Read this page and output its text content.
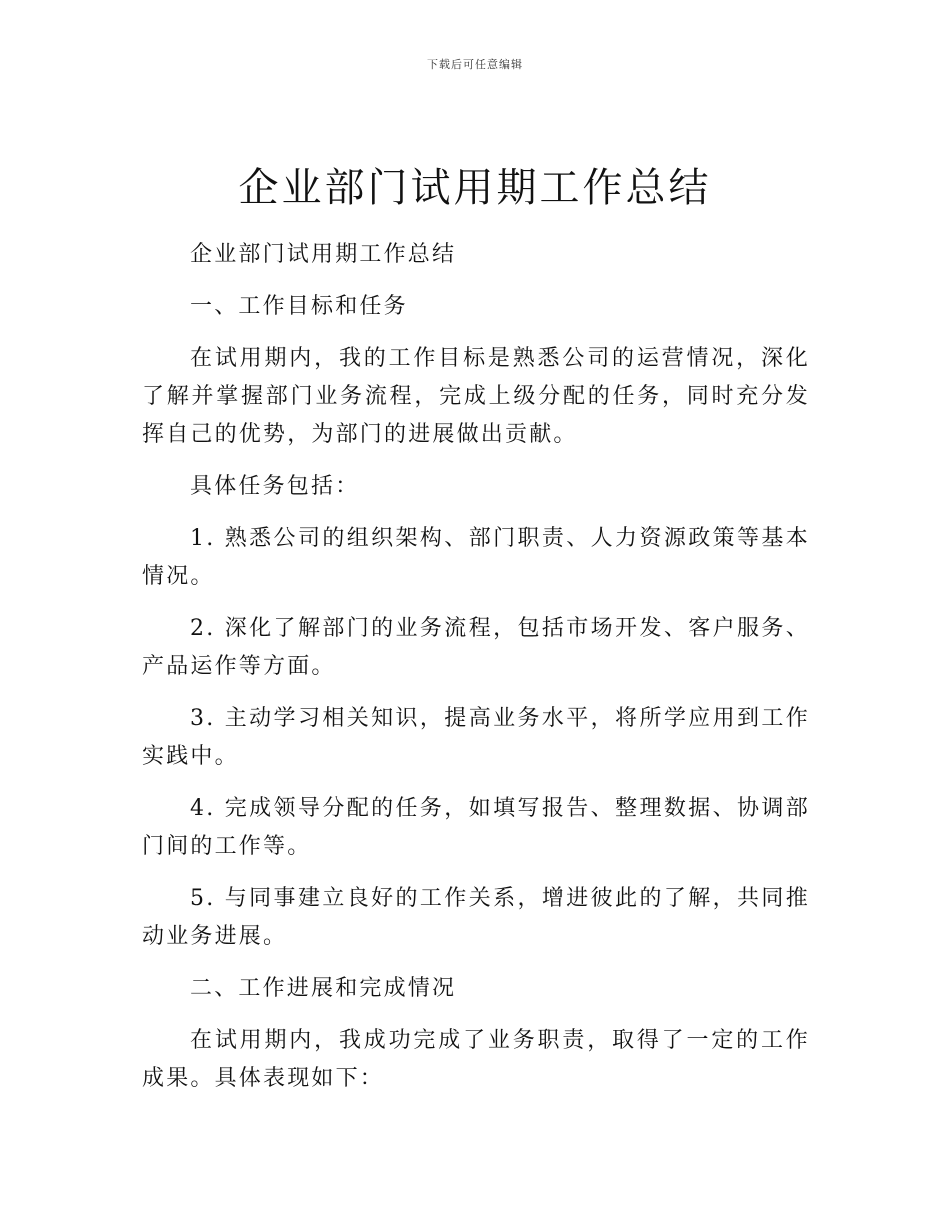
下载后可任意编辑
企业部门试用期工作总结

企业部门试用期工作总结

一、工作目标和任务

在试用期内，我的工作目标是熟悉公司的运营情况，深化了解并掌握部门业务流程，完成上级分配的任务，同时充分发挥自己的优势，为部门的进展做出贡献。

具体任务包括：

1. 熟悉公司的组织架构、部门职责、人力资源政策等基本情况。

2. 深化了解部门的业务流程，包括市场开发、客户服务、产品运作等方面。

3. 主动学习相关知识，提高业务水平，将所学应用到工作实践中。

4. 完成领导分配的任务，如填写报告、整理数据、协调部门间的工作等。

5. 与同事建立良好的工作关系，增进彼此的了解，共同推动业务进展。

二、工作进展和完成情况

在试用期内，我成功完成了业务职责，取得了一定的工作成果。具体表现如下：
